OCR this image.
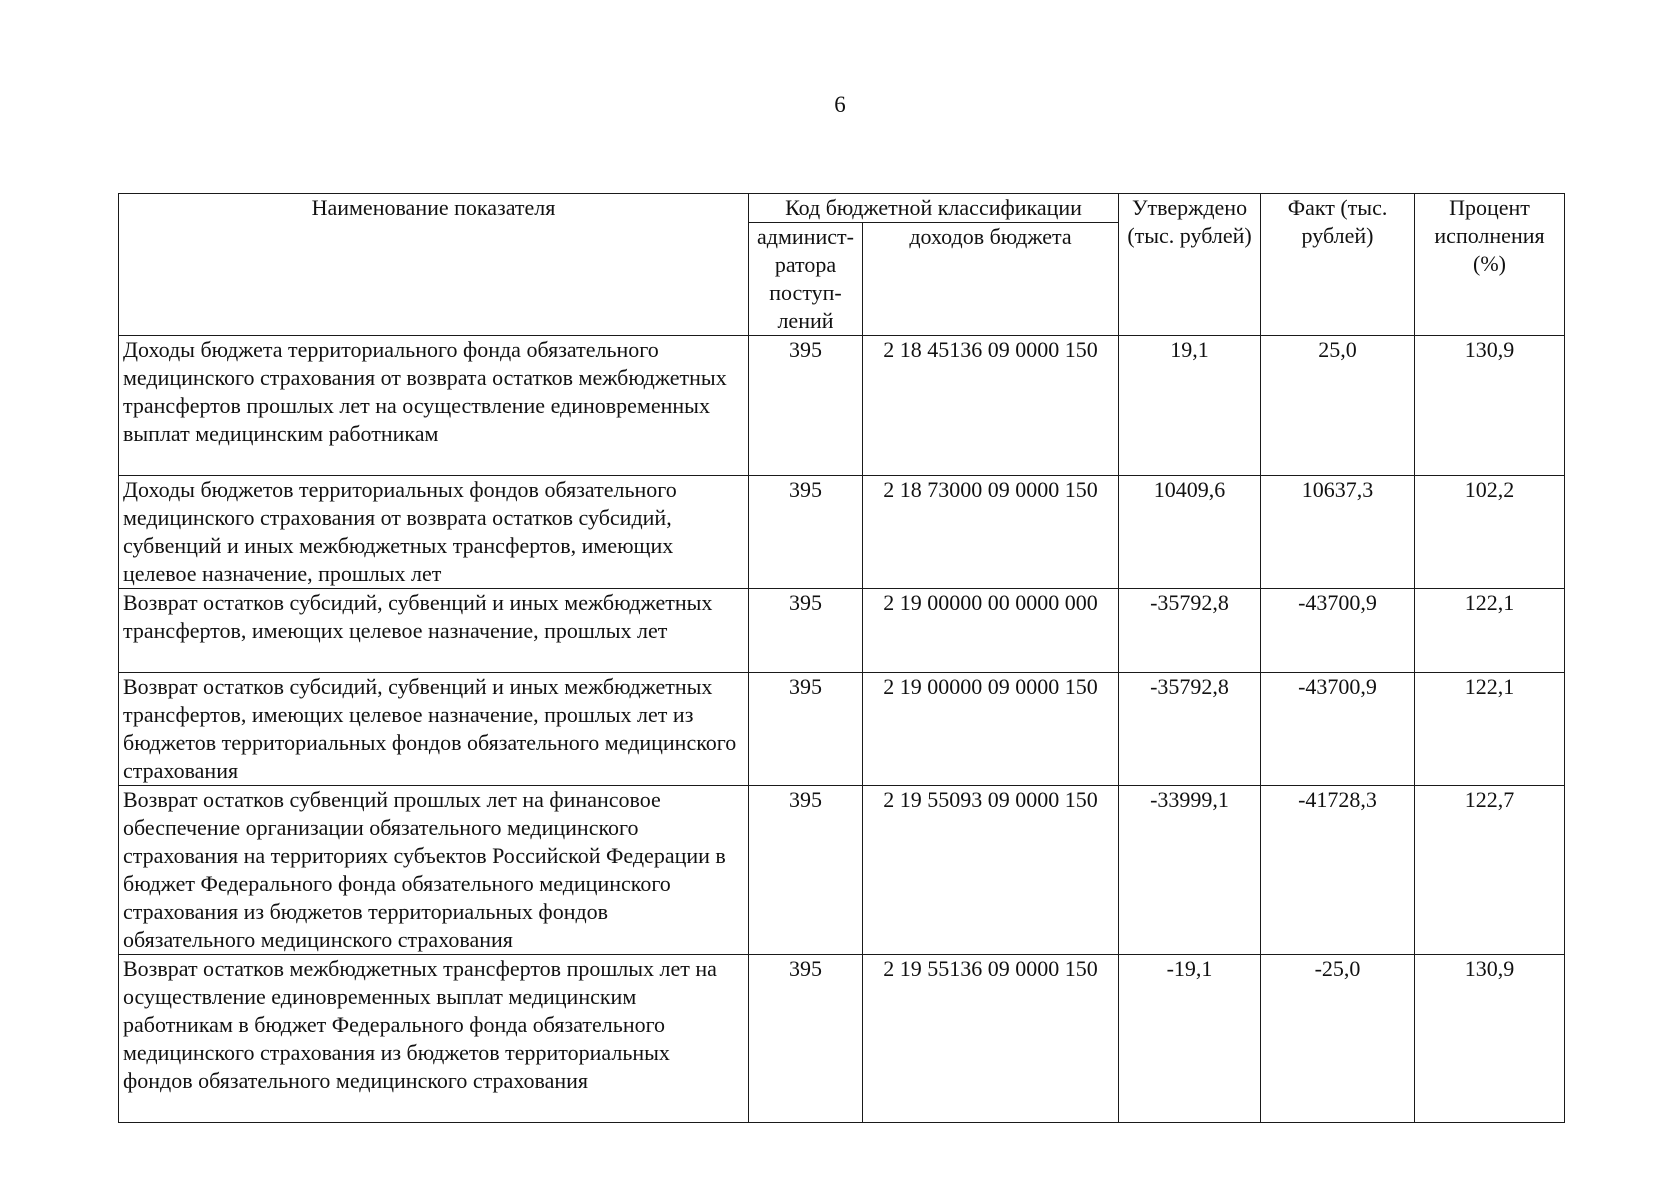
6
Наименование показателя	Код бюджетной классификации		Утверждено (тыс. рублей)	Факт (тыс. рублей)	Процент исполнения (%)
	админист-ратора поступ-лений	доходов бюджета			
Доходы бюджета территориального фонда обязательного медицинского страхования от возврата остатков межбюджетных трансфертов прошлых лет на осуществление единовременных выплат медицинским работникам	395	2 18 45136 09 0000 150	19,1	25,0	130,9
Доходы бюджетов территориальных фондов обязательного медицинского страхования от возврата остатков субсидий, субвенций и иных межбюджетных трансфертов, имеющих целевое назначение, прошлых лет	395	2 18 73000 09 0000 150	10409,6	10637,3	102,2
Возврат остатков субсидий, субвенций и иных межбюджетных трансфертов, имеющих целевое назначение, прошлых лет	395	2 19 00000 00 0000 000	-35792,8	-43700,9	122,1
Возврат остатков субсидий, субвенций и иных межбюджетных трансфертов, имеющих целевое назначение, прошлых лет из бюджетов территориальных фондов обязательного медицинского страхования	395	2 19 00000 09 0000 150	-35792,8	-43700,9	122,1
Возврат остатков субвенций прошлых лет на финансовое обеспечение организации обязательного медицинского страхования на территориях субъектов Российской Федерации в бюджет Федерального фонда обязательного медицинского страхования из бюджетов территориальных фондов обязательного медицинского страхования	395	2 19 55093 09 0000 150	-33999,1	-41728,3	122,7
Возврат остатков межбюджетных трансфертов прошлых лет на осуществление единовременных выплат медицинским работникам в бюджет Федерального фонда обязательного медицинского страхования из бюджетов территориальных фондов обязательного медицинского страхования	395	2 19 55136 09 0000 150	-19,1	-25,0	130,9
